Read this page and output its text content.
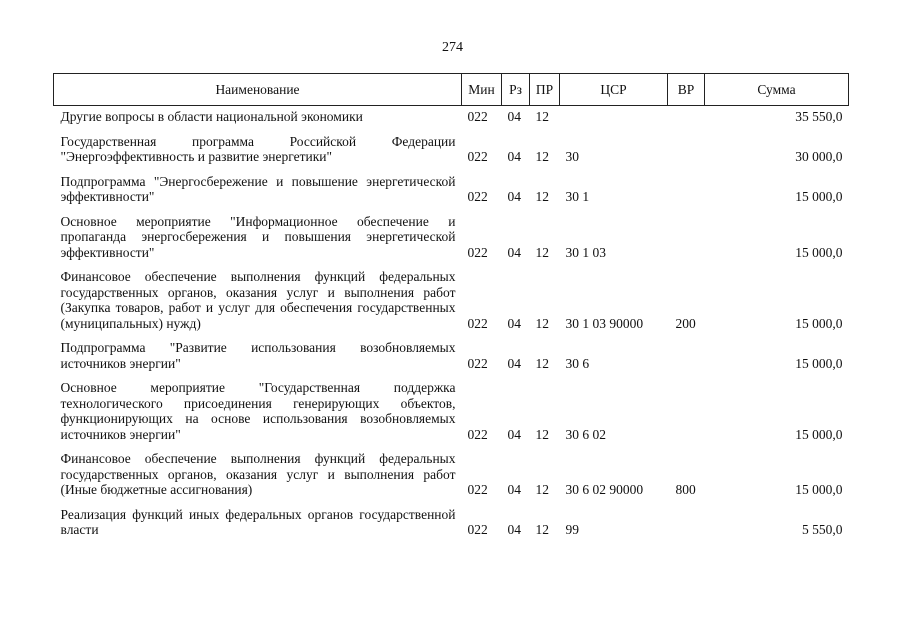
274
Наименование	Мин	Рз	ПР	ЦСР	ВР	Сумма
Другие вопросы в области национальной экономики	022	04	12			35 550,0
Государственная программа Российской Федерации "Энергоэффективность и развитие энергетики"	022	04	12	30		30 000,0
Подпрограмма "Энергосбережение и повышение энергетической эффективности"	022	04	12	30 1		15 000,0
Основное мероприятие "Информационное обеспечение и пропаганда энергосбережения и повышения энергетической эффективности"	022	04	12	30 1 03		15 000,0
Финансовое обеспечение выполнения функций федеральных государственных органов, оказания услуг и выполнения работ (Закупка товаров, работ и услуг для обеспечения государственных (муниципальных) нужд)	022	04	12	30 1 03 90000	200	15 000,0
Подпрограмма "Развитие использования возобновляемых источников энергии"	022	04	12	30 6		15 000,0
Основное мероприятие "Государственная поддержка технологического присоединения генерирующих объектов, функционирующих на основе использования возобновляемых источников энергии"	022	04	12	30 6 02		15 000,0
Финансовое обеспечение выполнения функций федеральных государственных органов, оказания услуг и выполнения работ (Иные бюджетные ассигнования)	022	04	12	30 6 02 90000	800	15 000,0
Реализация функций иных федеральных органов государственной власти	022	04	12	99		5 550,0
